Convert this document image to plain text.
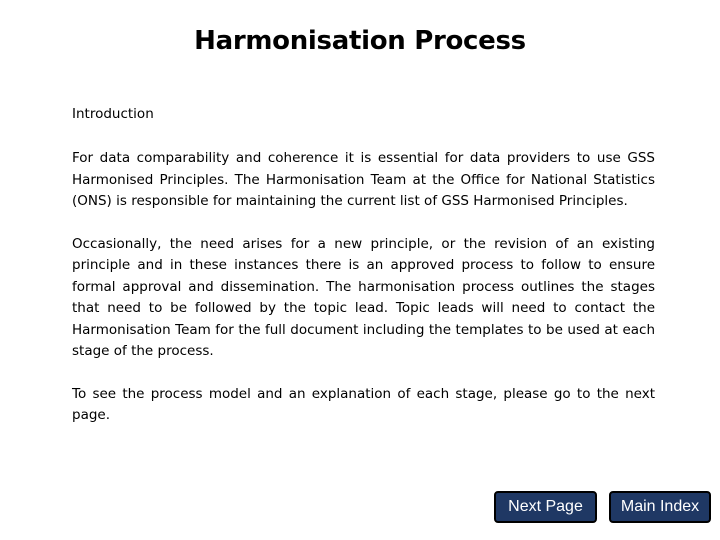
Harmonisation Process
Introduction

For data comparability and coherence it is essential for data providers to use GSS Harmonised Principles. The Harmonisation Team at the Office for National Statistics (ONS) is responsible for maintaining the current list of GSS Harmonised Principles.

Occasionally, the need arises for a new principle, or the revision of an existing principle and in these instances there is an approved process to follow to ensure formal approval and dissemination. The harmonisation process outlines the stages that need to be followed by the topic lead. Topic leads will need to contact the Harmonisation Team for the full document including the templates to be used at each stage of the process.

To see the process model and an explanation of each stage, please go to the next page.

Next Page Main Index
